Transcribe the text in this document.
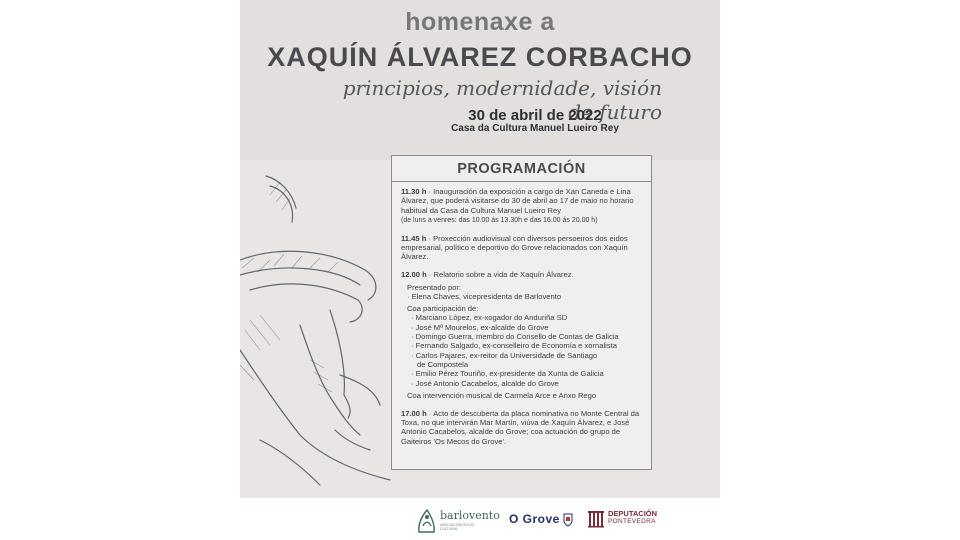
homenaxe a
XAQUÍN ÁLVAREZ CORBACHO
principios, modernidade, visión de futuro
30 de abril de 2022
Casa da Cultura Manuel Lueiro Rey
PROGRAMACIÓN

11.30 h · Inauguración da exposición a cargo de Xan Caneda e Lina Álvarez, que poderá visitarse do 30 de abril ao 17 de maio no horario habitual da Casa da Cultura Manuel Lueiro Rey
(de luns a venres: das 10.00 ás 13.30h e das 16.00 ás 20.00 h)

11.45 h · Proxección audiovisual con diversos persoeiros dos eidos empresarial, político e deportivo do Grove relacionados con Xaquín Álvarez.

12.00 h · Relatorio sobre a vida de Xaquín Álvarez.
Presentado por:
· Elena Chaves, vicepresidenta de Barlovento
Coa participación de:
· Marciano López, ex-xogador do Anduriña SD
· José Mª Mourelos, ex-alcalde do Grove
· Domingo Guerra, membro do Consello de Contas de Galicia
· Fernando Salgado, ex-conselleiro de Economía e xornalista
· Carlos Pajares, ex-reitor da Universidade de Santiago
de Compostela
· Emilio Pérez Touriño, ex-presidente da Xunta de Galicia
· José Antonio Cacabelos, alcalde do Grove
Coa intervención musical de Carmela Arce e Anxo Rego

17.00 h · Acto de descuberta da placa nominativa no Monte Central da Toxa, no que intervirán Mar Martín, viúva de Xaquín Álvarez, e José Antonio Cacabelos, alcalde do Grove; coa actuación do grupo de Gaiteiros 'Os Mecos do Grove'.

barlovento
ASOCIACIÓN SOCIO CULTURAL
O Grove	DEPUTACIÓN
PONTEVEDRA
